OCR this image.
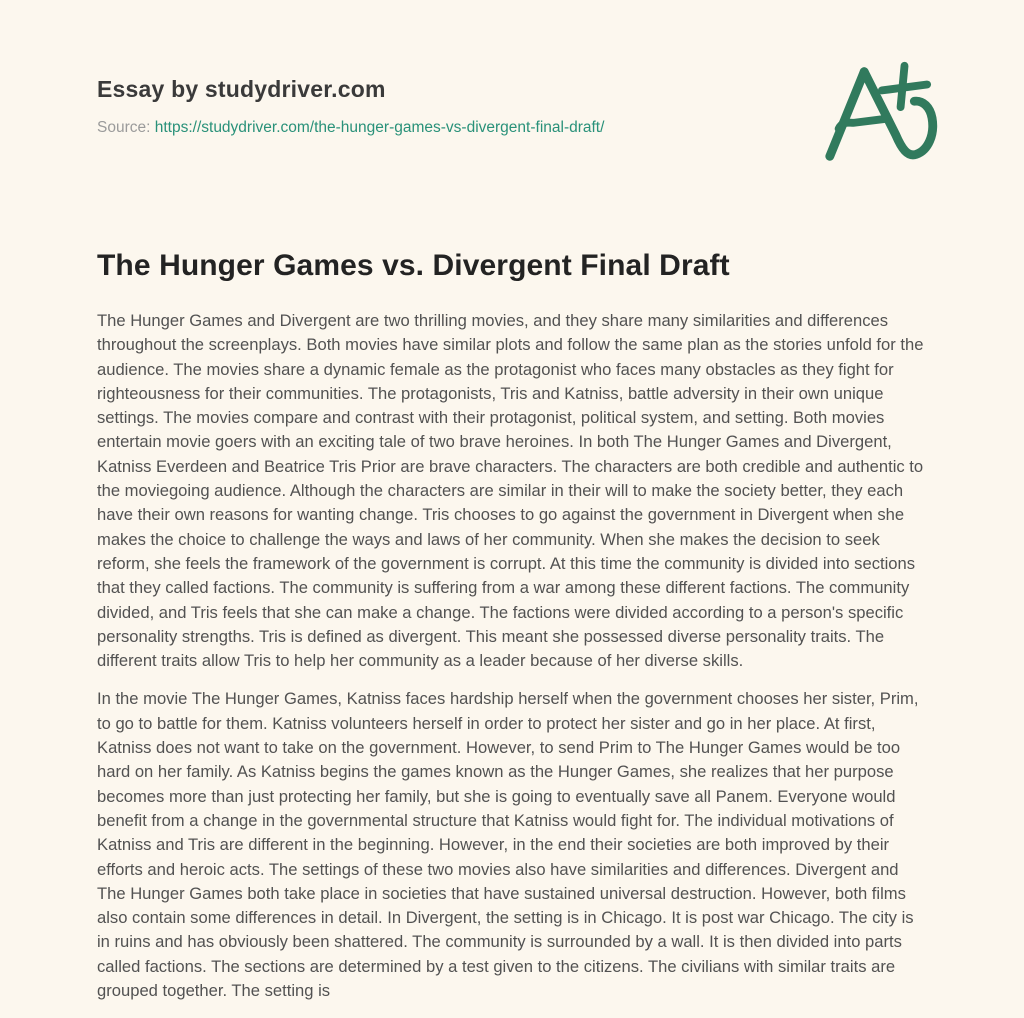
Essay by studydriver.com
Source: https://studydriver.com/the-hunger-games-vs-divergent-final-draft/
The Hunger Games vs. Divergent Final Draft

The Hunger Games and Divergent are two thrilling movies, and they share many similarities and differences throughout the screenplays. Both movies have similar plots and follow the same plan as the stories unfold for the audience. The movies share a dynamic female as the protagonist who faces many obstacles as they fight for righteousness for their communities. The protagonists, Tris and Katniss, battle adversity in their own unique settings. The movies compare and contrast with their protagonist, political system, and setting. Both movies entertain movie goers with an exciting tale of two brave heroines. In both The Hunger Games and Divergent, Katniss Everdeen and Beatrice Tris Prior are brave characters. The characters are both credible and authentic to the moviegoing audience. Although the characters are similar in their will to make the society better, they each have their own reasons for wanting change. Tris chooses to go against the government in Divergent when she makes the choice to challenge the ways and laws of her community. When she makes the decision to seek reform, she feels the framework of the government is corrupt. At this time the community is divided into sections that they called factions. The community is suffering from a war among these different factions. The community divided, and Tris feels that she can make a change. The factions were divided according to a person's specific personality strengths. Tris is defined as divergent. This meant she possessed diverse personality traits. The different traits allow Tris to help her community as a leader because of her diverse skills.

In the movie The Hunger Games, Katniss faces hardship herself when the government chooses her sister, Prim, to go to battle for them. Katniss volunteers herself in order to protect her sister and go in her place. At first, Katniss does not want to take on the government. However, to send Prim to The Hunger Games would be too hard on her family. As Katniss begins the games known as the Hunger Games, she realizes that her purpose becomes more than just protecting her family, but she is going to eventually save all Panem. Everyone would benefit from a change in the governmental structure that Katniss would fight for. The individual motivations of Katniss and Tris are different in the beginning. However, in the end their societies are both improved by their efforts and heroic acts. The settings of these two movies also have similarities and differences. Divergent and The Hunger Games both take place in societies that have sustained universal destruction. However, both films also contain some differences in detail. In Divergent, the setting is in Chicago. It is post war Chicago. The city is in ruins and has obviously been shattered. The community is surrounded by a wall. It is then divided into parts called factions. The sections are determined by a test given to the citizens. The civilians with similar traits are grouped together. The setting is
